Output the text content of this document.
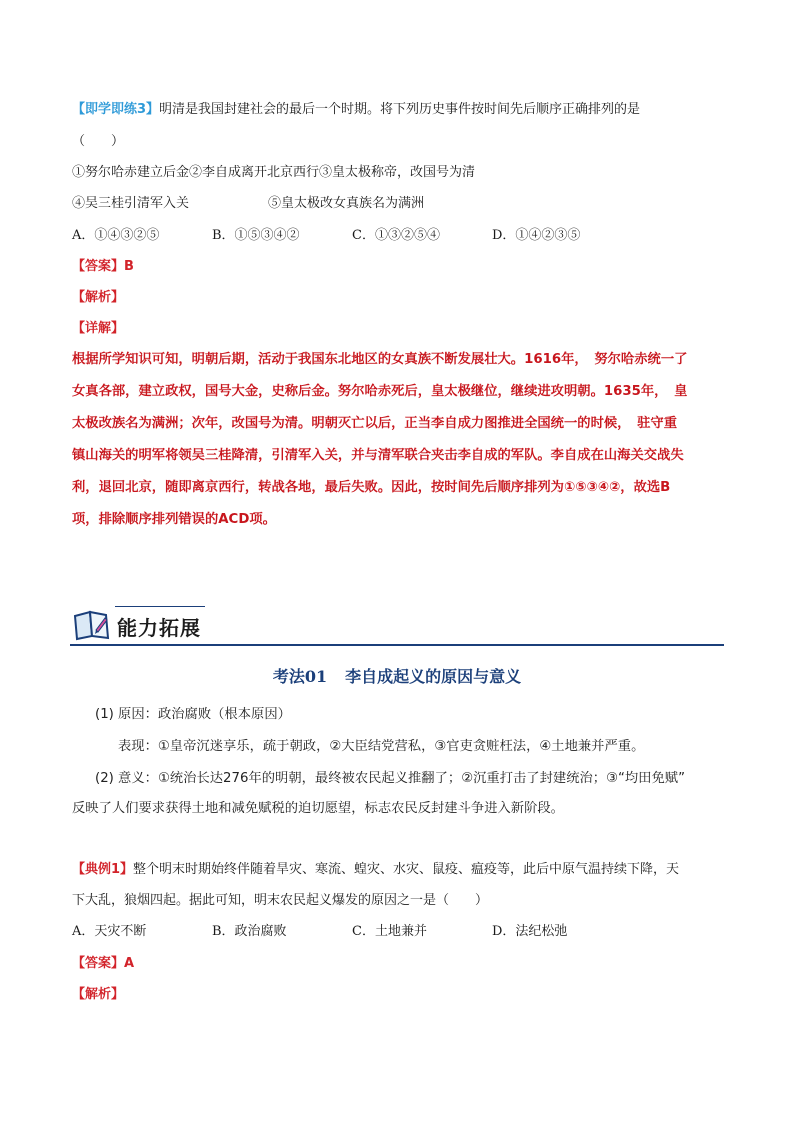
【即学即练3】明清是我国封建社会的最后一个时期。将下列历史事件按时间先后顺序正确排列的是
（　　）
①努尔哈赤建立后金②李自成离开北京西行③皇太极称帝，改国号为清
④吴三桂引清军入关	⑤皇太极改女真族名为满洲
A．①④③②⑤	B．①⑤③④②	C．①③②⑤④	D．①④②③⑤
【答案】B
【解析】
【详解】
根据所学知识可知，明朝后期，活动于我国东北地区的女真族不断发展壮大。1616年，　努尔哈赤统一了
女真各部，建立政权，国号大金，史称后金。努尔哈赤死后，皇太极继位，继续进攻明朝。1635年，　皇
太极改族名为满洲；次年，改国号为清。明朝灭亡以后，正当李自成力图推进全国统一的时候，　驻守重
镇山海关的明军将领吴三桂降清，引清军入关，并与清军联合夹击李自成的军队。李自成在山海关交战失
利，退回北京，随即离京西行，转战各地，最后失败。因此，按时间先后顺序排列为①⑤③④②，故选B
项，排除顺序排列错误的ACD项。
能力拓展
考法01 李自成起义的原因与意义
(1) 原因：政治腐败（根本原因）
表现：①皇帝沉迷享乐，疏于朝政，②大臣结党营私，③官吏贪赃枉法，④土地兼并严重。
(2) 意义：①统治长达276年的明朝，最终被农民起义推翻了；②沉重打击了封建统治；③“均田免赋”
反映了人们要求获得土地和减免赋税的迫切愿望，标志农民反封建斗争进入新阶段。
【典例1】整个明末时期始终伴随着旱灾、寒流、蝗灾、水灾、鼠疫、瘟疫等，此后中原气温持续下降，天
下大乱，狼烟四起。据此可知，明末农民起义爆发的原因之一是（　　）
A．天灾不断	B．政治腐败	C．土地兼并	D．法纪松弛
【答案】A
【解析】
